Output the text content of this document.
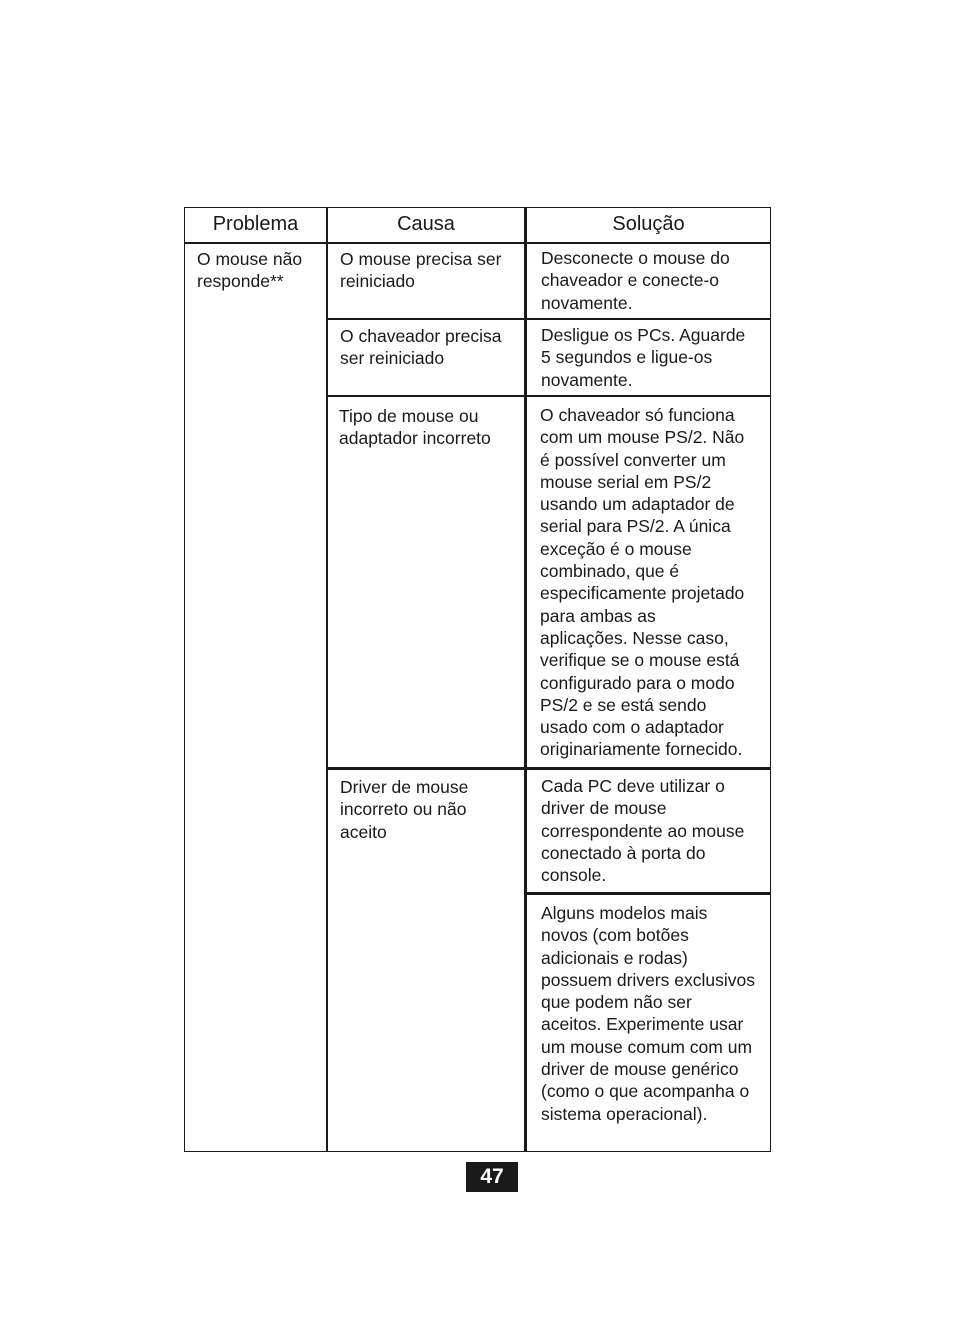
Problema	Causa	Solução
O mouse não
responde**
O mouse precisa ser
reiniciado
O chaveador precisa
ser reiniciado
Tipo de mouse ou
adaptador incorreto
Driver de mouse
incorreto ou não
aceito
Desconecte o mouse do
chaveador e conecte-o
novamente.
Desligue os PCs. Aguarde
5 segundos e ligue-os
novamente.
O chaveador só funciona
com um mouse PS/2. Não
é possível converter um
mouse serial em PS/2
usando um adaptador de
serial para PS/2. A única
exceção é o mouse
combinado, que é
especificamente projetado
para ambas as
aplicações. Nesse caso,
verifique se o mouse está
configurado para o modo
PS/2 e se está sendo
usado com o adaptador
originariamente fornecido.
Cada PC deve utilizar o
driver de mouse
correspondente ao mouse
conectado à porta do
console.
Alguns modelos mais
novos (com botões
adicionais e rodas)
possuem drivers exclusivos
que podem não ser
aceitos. Experimente usar
um mouse comum com um
driver de mouse genérico
(como o que acompanha o
sistema operacional).
47
